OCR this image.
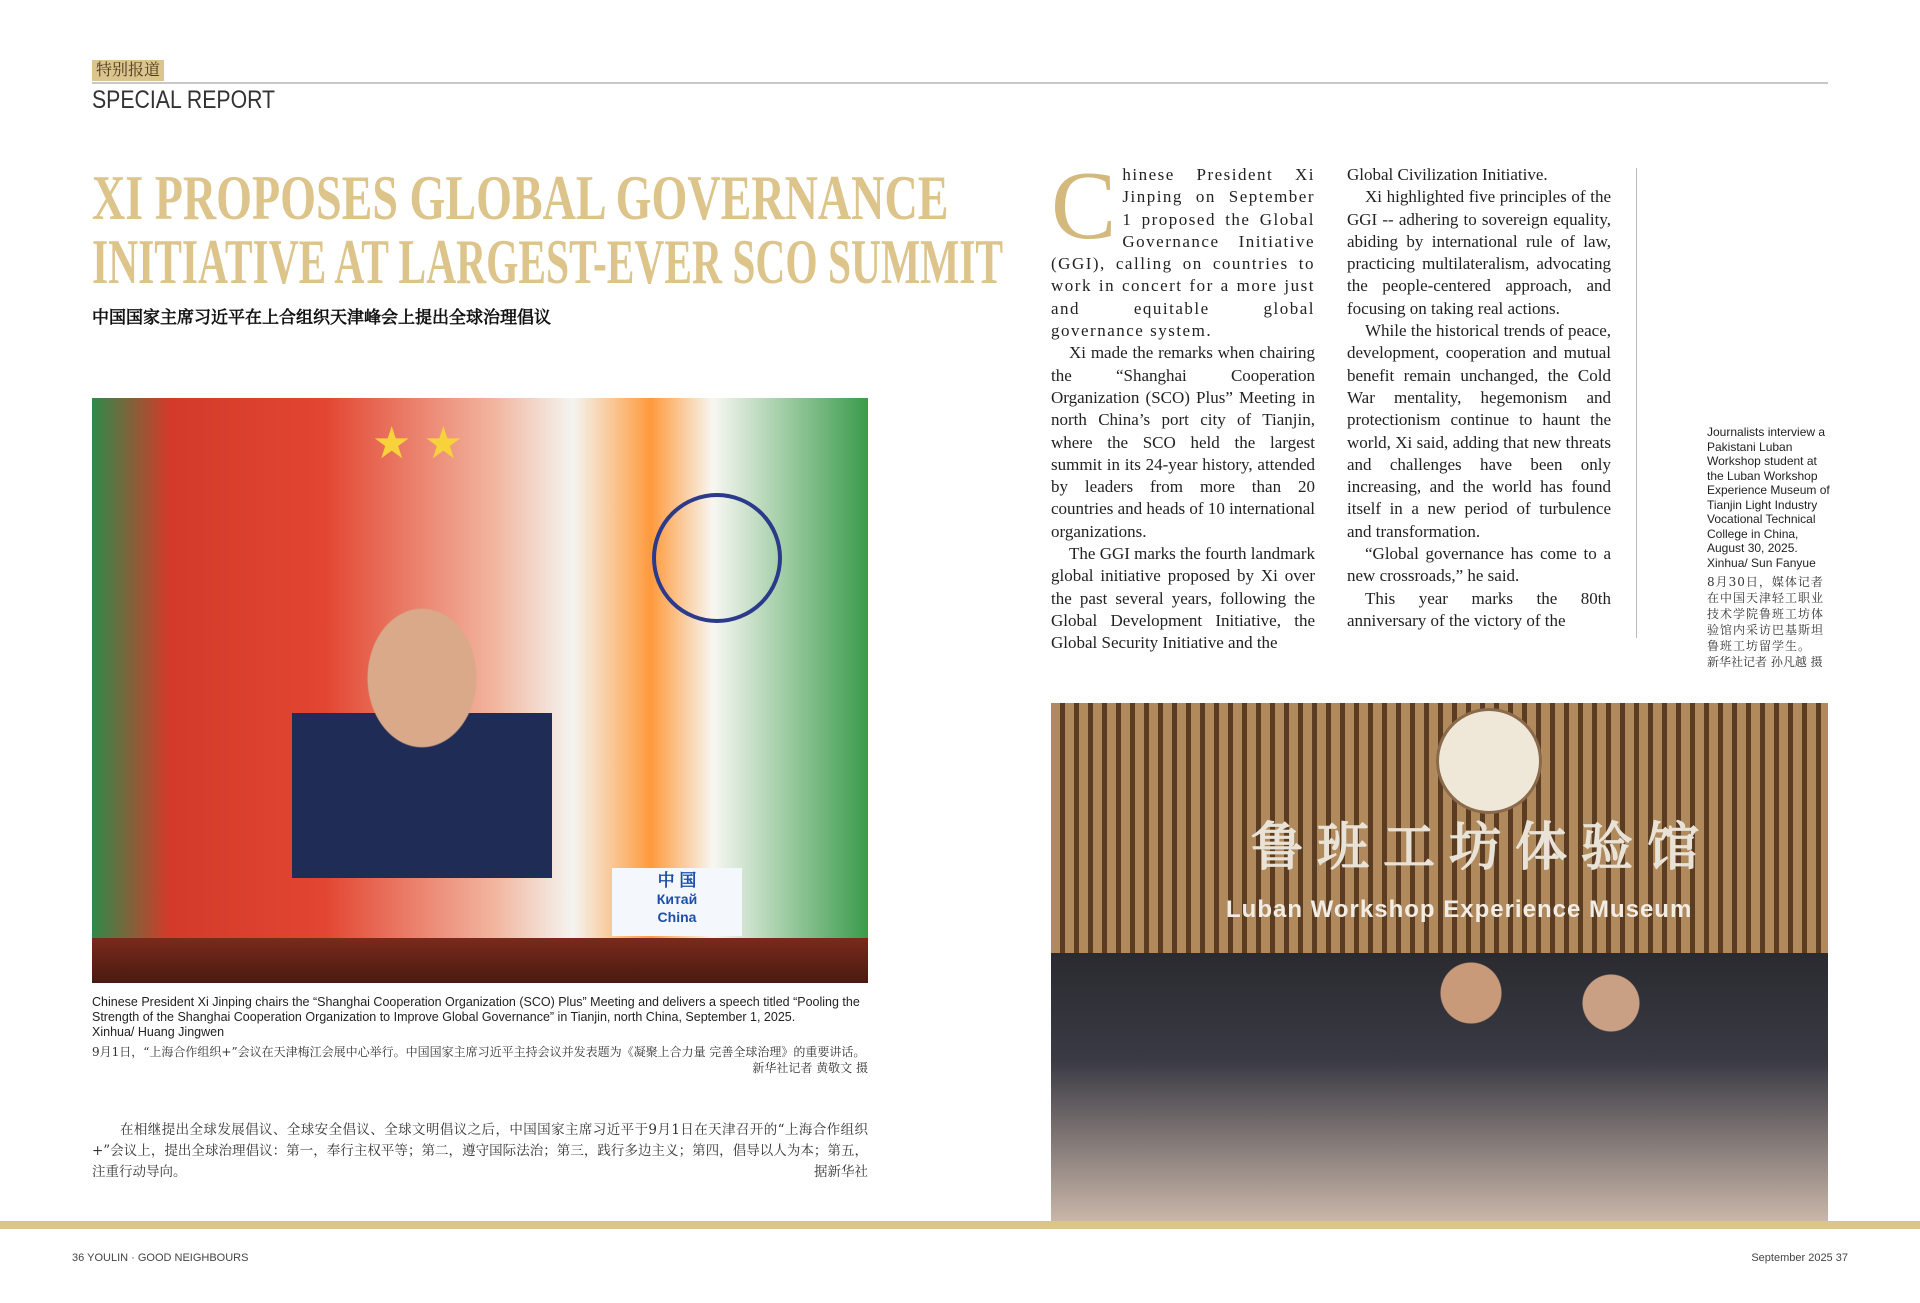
特别报道
SPECIAL REPORT
XI PROPOSES GLOBAL GOVERNANCE
INITIATIVE AT LARGEST-EVER SCO SUMMIT
中国国家主席习近平在上合组织天津峰会上提出全球治理倡议
★ ★
中 国
Китай
China
Chinese President Xi Jinping chairs the “Shanghai Cooperation Organization (SCO) Plus” Meeting and delivers a speech titled “Pooling the Strength of the Shanghai Cooperation Organization to Improve Global Governance” in Tianjin, north China, September 1, 2025.
Xinhua/ Huang Jingwen
9月1日，“上海合作组织+”会议在天津梅江会展中心举行。中国国家主席习近平主持会议并发表题为《凝聚上合力量 完善全球治理》的重要讲话。
新华社记者 黄敬文 摄
在相继提出全球发展倡议、全球安全倡议、全球文明倡议之后，中国国家主席习近平于9月1日在天津召开的“上海合作组织+”会议上，提出全球治理倡议：第一，奉行主权平等；第二，遵守国际法治；第三，践行多边主义；第四，倡导以人为本；第五，注重行动导向。	据新华社

Chinese President Xi Jinping on September 1 proposed the Global Governance Initiative (GGI), calling on countries to work in concert for a more just and equitable global governance system.

Xi made the remarks when chairing the “Shanghai Cooperation Organization (SCO) Plus” Meeting in north China’s port city of Tianjin, where the SCO held the largest summit in its 24-year history, attended by leaders from more than 20 countries and heads of 10 international organizations.

The GGI marks the fourth landmark global initiative proposed by Xi over the past several years, following the Global Development Initiative, the Global Security Initiative and the

Global Civilization Initiative.

Xi highlighted five principles of the GGI -- adhering to sovereign equality, abiding by international rule of law, practicing multilateralism, advocating the people-centered approach, and focusing on taking real actions.

While the historical trends of peace, development, cooperation and mutual benefit remain unchanged, the Cold War mentality, hegemonism and protectionism continue to haunt the world, Xi said, adding that new threats and challenges have been only increasing, and the world has found itself in a new period of turbulence and transformation.

“Global governance has come to a new crossroads,” he said.

This year marks the 80th anniversary of the victory of the

Journalists interview a Pakistani Luban Workshop student at the Luban Workshop Experience Museum of Tianjin Light Industry Vocational Technical College in China, August 30, 2025.
Xinhua/ Sun Fanyue
8月30日，媒体记者在中国天津轻工职业技术学院鲁班工坊体验馆内采访巴基斯坦鲁班工坊留学生。
新华社记者 孙凡越 摄
鲁班工坊体验馆
Luban Workshop Experience Museum
36 YOULIN · GOOD NEIGHBOURS	September 2025 37
